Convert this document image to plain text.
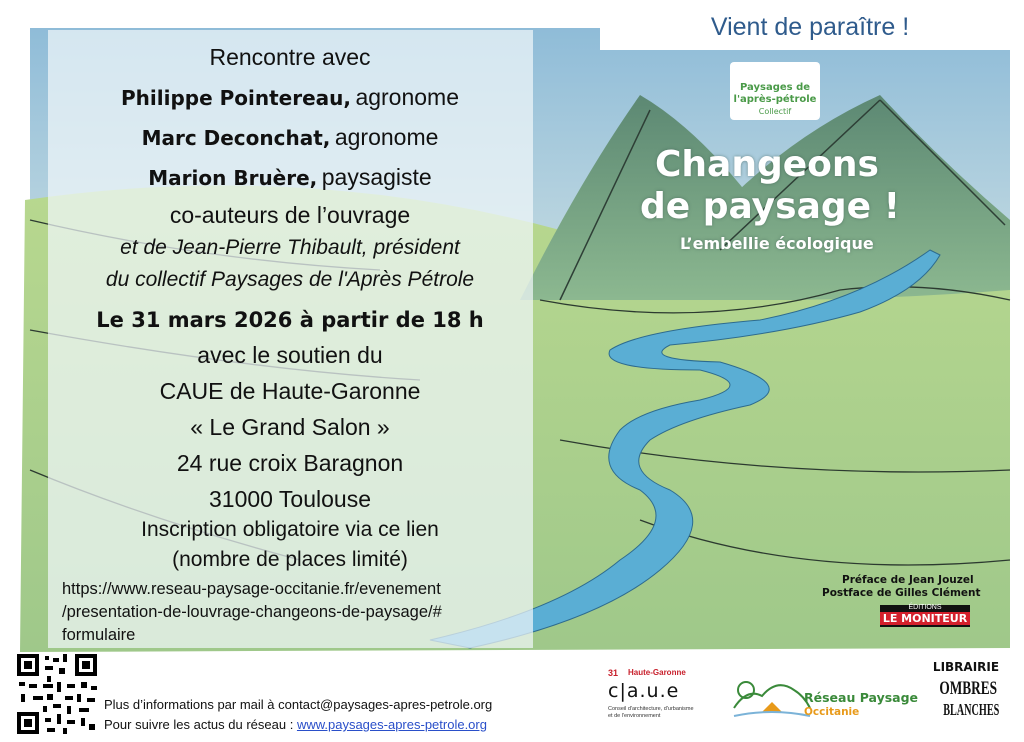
Rencontre avec
Philippe Pointereau, agronome
Marc Deconchat, agronome
Marion Bruère, paysagiste
co-auteurs de l’ouvrage
et de Jean-Pierre Thibault, président
du collectif Paysages de l'Après Pétrole
Le 31 mars 2026 à partir de 18 h
avec le soutien du
CAUE de Haute-Garonne
« Le Grand Salon »
24 rue croix Baragnon
31000 Toulouse
Inscription obligatoire via ce lien
(nombre de places limité)
https://www.reseau-paysage-occitanie.fr/evenement
/presentation-de-louvrage-changeons-de-paysage/#
formulaire
Vient de paraître !
Paysages de
l'après-pétrole
Collectif
Changeons
de paysage !
L’embellie écologique
Préface de Jean Jouzel
Postface de Gilles Clément
ÉDITIONS
LE MONITEUR
Plus d’informations par mail à contact@paysages-apres-petrole.org
Pour suivre les actus du réseau : www.paysages-apres-petrole.org
31 Haute-Garonne
c|a.u.e
Conseil d'architecture, d'urbanisme
et de l'environnement
Réseau Paysage
Occitanie
LIBRAIRIE
OMBRES
BLANCHES
